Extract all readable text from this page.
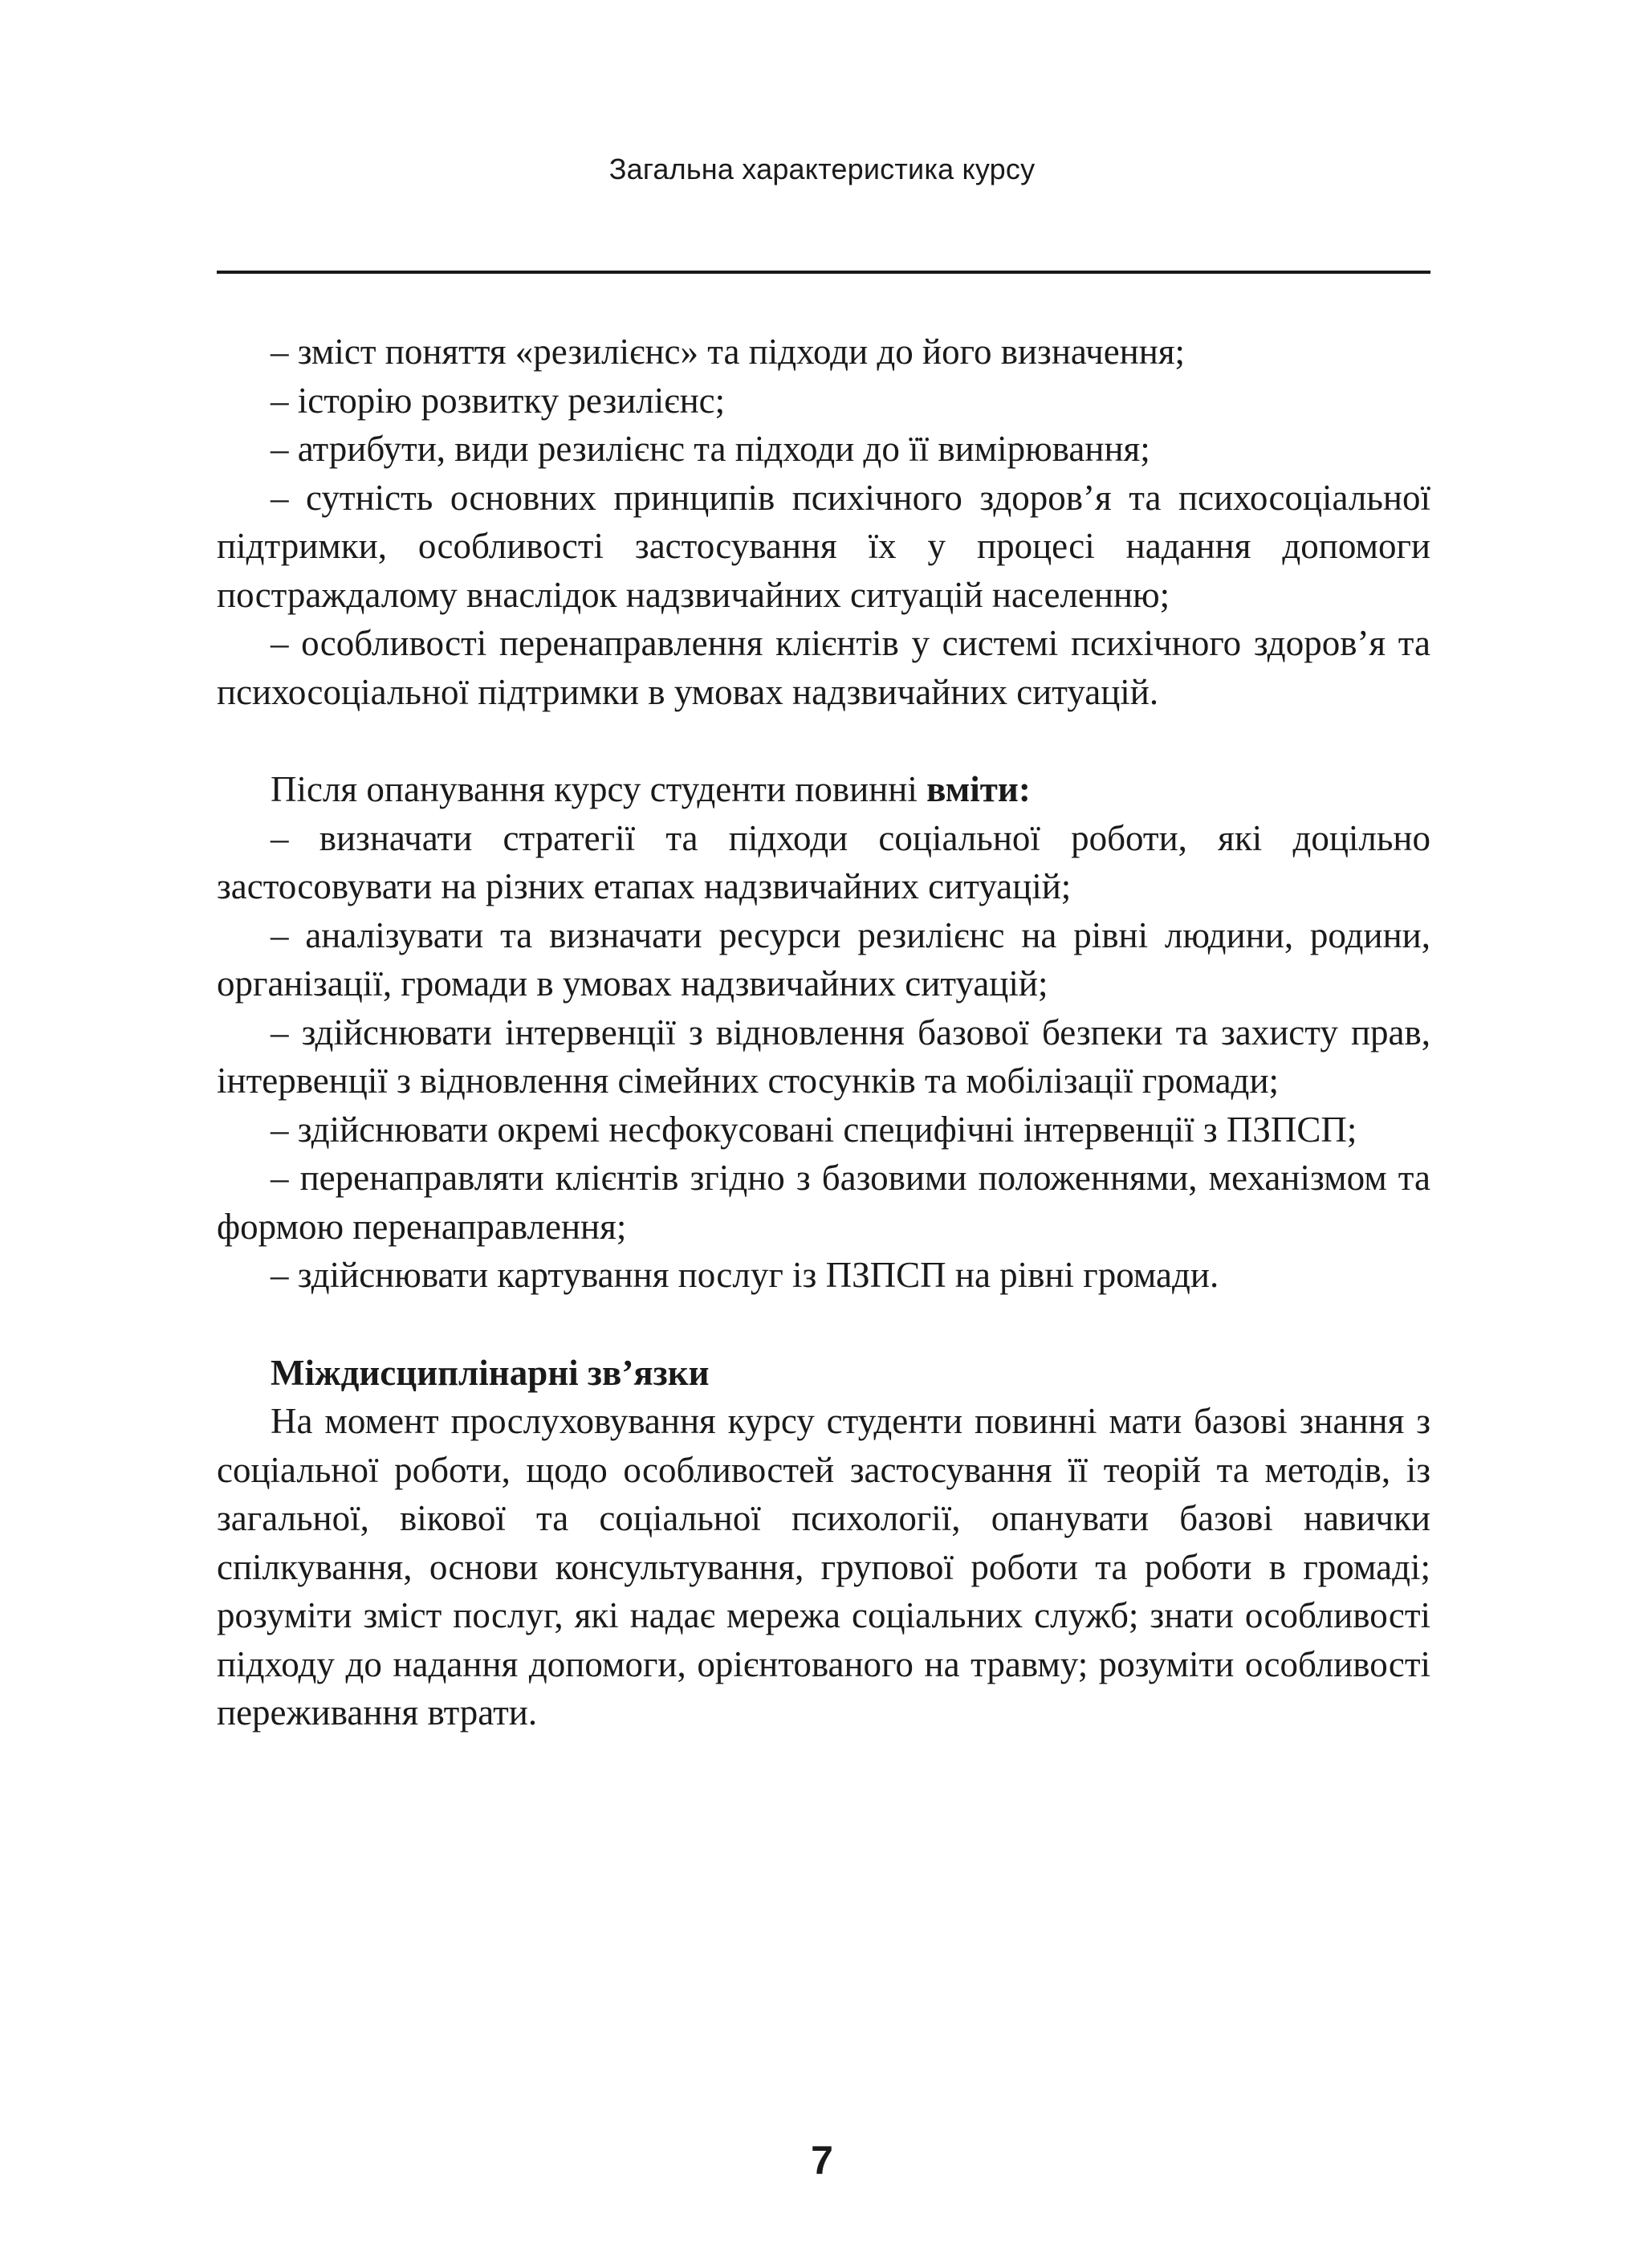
Загальна характеристика курсу

– зміст поняття «резилієнс» та підходи до його визначення;

– історію розвитку резилієнс;

– атрибути, види резилієнс та підходи до її вимірювання;

– сутність основних принципів психічного здоров’я та психосоціальної підтримки, особливості застосування їх у процесі надання допомоги постраждалому внаслідок надзвичайних ситуацій населенню;

– особливості перенаправлення клієнтів у системі психічного здоров’я та психосоціальної підтримки в умовах надзвичайних ситуацій.

Після опанування курсу студенти повинні вміти:

– визначати стратегії та підходи соціальної роботи, які доцільно застосовувати на різних етапах надзвичайних ситуацій;

– аналізувати та визначати ресурси резилієнс на рівні людини, родини, організації, громади в умовах надзвичайних ситуацій;

– здійснювати інтервенції з відновлення базової безпеки та захисту прав, інтервенції з відновлення сімейних стосунків та мобілізації громади;

– здійснювати окремі несфокусовані специфічні інтервенції з ПЗПСП;

– перенаправляти клієнтів згідно з базовими положеннями, механізмом та формою перенаправлення;

– здійснювати картування послуг із ПЗПСП на рівні громади.

Міждисциплінарні зв’язки

На момент прослуховування курсу студенти повинні мати базові знання з соціальної роботи, щодо особливостей застосування її теорій та методів, із загальної, вікової та соціальної психології, опанувати базові навички спілкування, основи консультування, групової роботи та роботи в громаді; розуміти зміст послуг, які надає мережа соціальних служб; знати особливості підходу до надання допомоги, орієнтованого на травму; розуміти особливості переживання втрати.

7
